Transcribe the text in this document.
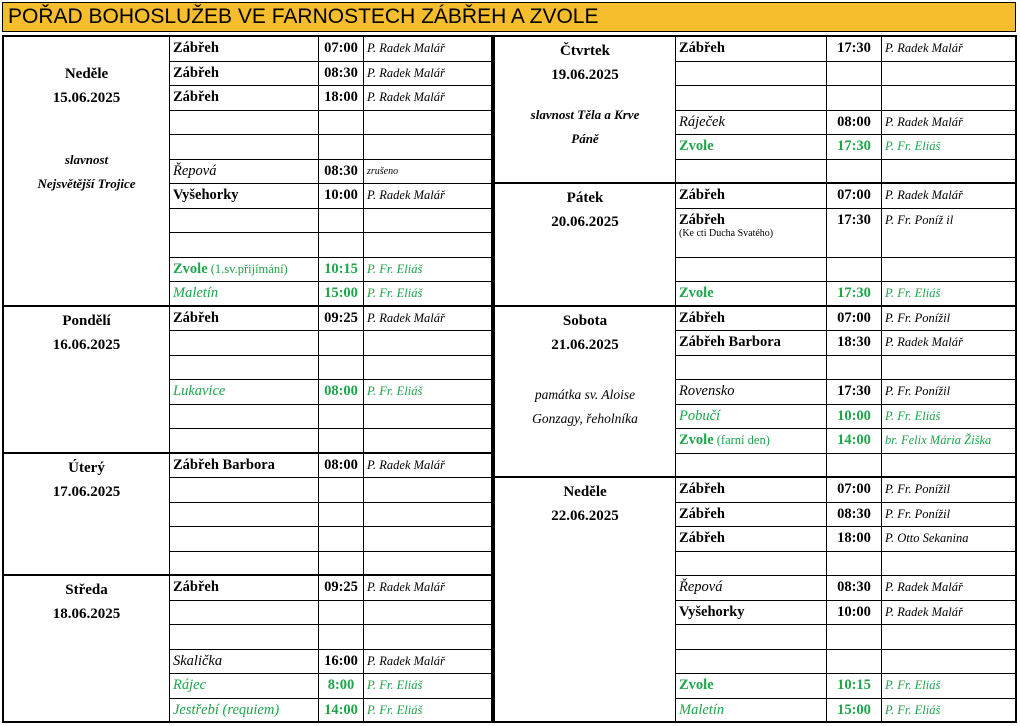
POŘAD BOHOSLUŽEB VE FARNOSTECH ZÁBŘEH A ZVOLE
Neděle
15.06.2025
slavnost
Nejsvětější Trojice
Zábřeh	07:00 P. Radek Malář
Zábřeh	08:30 P. Radek Malář
Zábřeh	18:00 P. Radek Malář
Řepová	08:30 zrušeno
Vyšehorky	10:00 P. Radek Malář
Zvole (1.sv.přijímání)	10:15 P. Fr. Eliáš
Maletín	15:00 P. Fr. Eliáš
Pondělí
16.06.2025
Zábřeh	09:25 P. Radek Malář
Lukavice	08:00 P. Fr. Eliáš
Úterý
17.06.2025
Zábřeh Barbora	08:00 P. Radek Malář
Středa
18.06.2025
Zábřeh	09:25 P. Radek Malář
Skalička	16:00 P. Radek Malář
Rájec	8:00	P. Fr. Eliáš
Jestřebí (requiem)	14:00 P. Fr. Eliáš
Čtvrtek
19.06.2025
slavnost Těla a Krve
Páně
Zábřeh	17:30	P. Radek Malář
Ráječek	08:00	P. Radek Malář
Zvole	17:30	P. Fr. Eliáš
Pátek
20.06.2025
Zábřeh	07:00	P. Radek Malář
Zábřeh
(Ke cti Ducha Svatého)
17:30	P. Fr. Poníž il
Zvole	17:30	P. Fr. Eliáš
Sobota
21.06.2025
památka sv. Aloise
Gonzagy, řeholníka
Zábřeh	07:00	P. Fr. Ponížil
Zábřeh Barbora	18:30	P. Radek Malář
Rovensko	17:30	P. Fr. Ponížil
Pobučí	10:00	P. Fr. Eliáš
Zvole (farní den)	14:00	br. Felix Mária Žiška
Neděle
22.06.2025
Zábřeh	07:00	P. Fr. Ponížil
Zábřeh	08:30	P. Fr. Ponížil
Zábřeh	18:00	P. Otto Sekanina
Řepová	08:30	P. Radek Malář
Vyšehorky	10:00	P. Radek Malář
Zvole	10:15	P. Fr. Eliáš
Maletín	15:00	P. Fr. Eliáš
